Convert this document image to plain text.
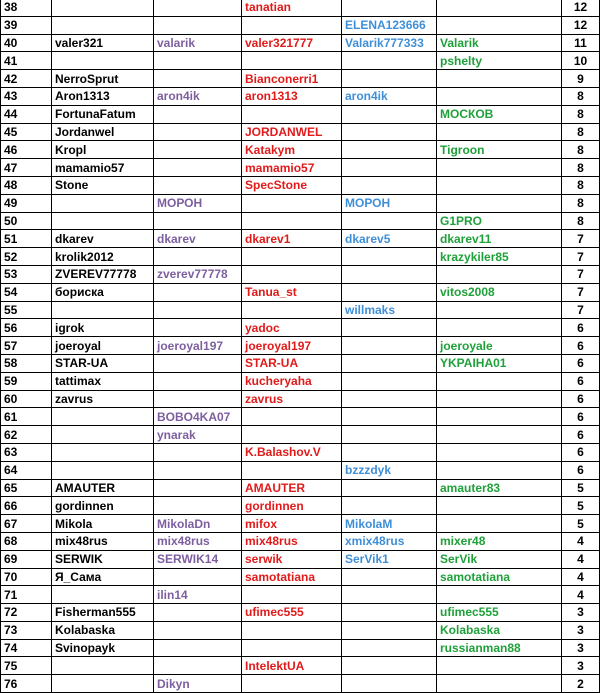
38			tanatian			12
39				ELENA123666		12
40	valer321	valarik	valer321777	Valarik777333	Valarik	11
41					pshelty	10
42	NerroSprut		Bianconerri1			9
43	Aron1313	aron4ik	aron1313	aron4ik		8
44	FortunaFatum				МОСКОВ	8
45	Jordanwel		JORDANWEL			8
46	Kropl		Katakym		Tigroon	8
47	mamamio57		mamamio57			8
48	Stone		SpecStone			8
49		МОРОН		МОРОН		8
50					G1PRO	8
51	dkarev	dkarev	dkarev1	dkarev5	dkarev11	7
52	krolik2012				krazykiler85	7
53	ZVEREV77778	zverev77778				7
54	бориска		Tanua_st		vitos2008	7
55				willmaks		7
56	igrok		yadoc			6
57	joeroyal	joeroyal197	joeroyal197		joeroyale	6
58	STAR-UA		STAR-UA		YKPAIHA01	6
59	tattimax		kucheryaha			6
60	zavrus		zavrus			6
61		BOBO4KA07				6
62		ynarak				6
63			K.Balashov.V			6
64				bzzzdyk		6
65	AMAUTER		AMAUTER		amauter83	5
66	gordinnen		gordinnen			5
67	Mikola	MikolaDn	mifox	MikolaM		5
68	mix48rus	mix48rus	mix48rus	xmix48rus	mixer48	4
69	SERWIK	SERWIK14	serwik	SerVik1	SerVik	4
70	Я_Сама		samotatiana		samotatiana	4
71		ilin14				4
72	Fisherman555		ufimec555		ufimec555	3
73	Kolabaska				Kolabaska	3
74	Svinopayk				russianman88	3
75			IntelektUA			3
76		Dikyn				2
